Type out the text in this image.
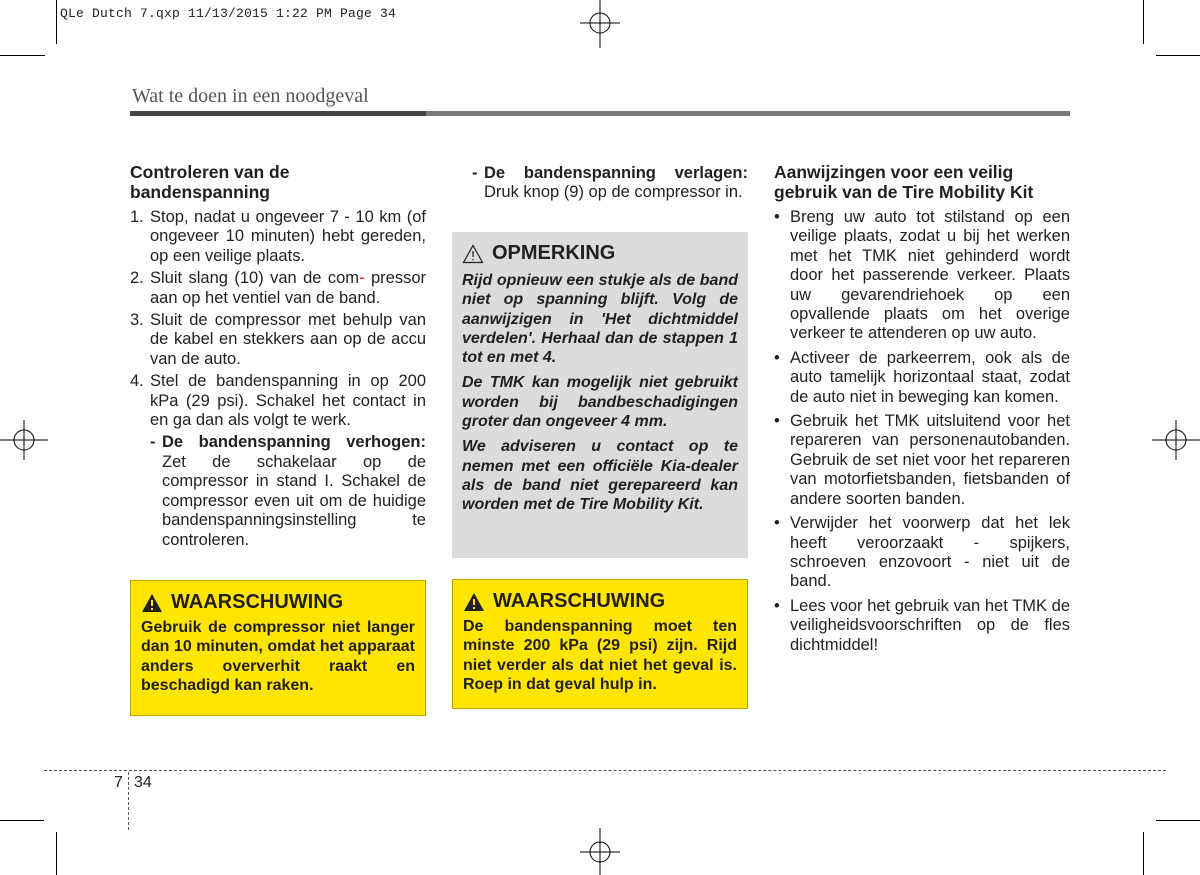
QLe Dutch 7.qxp 11/13/2015 1:22 PM Page 34
Wat te doen in een noodgeval
Controleren van de bandenspanning
1. Stop, nadat u ongeveer 7 - 10 km (of ongeveer 10 minuten) hebt gereden, op een veilige plaats.
2. Sluit slang (10) van de com- pressor aan op het ventiel van de band.
3. Sluit de compressor met behulp van de kabel en stekkers aan op de accu van de auto.
4. Stel de bandenspanning in op 200 kPa (29 psi). Schakel het contact in en ga dan als volgt te werk.
- De bandenspanning verhogen: Zet de schakelaar op de compressor in stand I. Schakel de compressor even uit om de huidige bandenspanningsinstelling te controleren.
WAARSCHUWING
Gebruik de compressor niet langer dan 10 minuten, omdat het apparaat anders oververhit raakt en beschadigd kan raken.
- De bandenspanning verlagen: Druk knop (9) op de compressor in.
OPMERKING

Rijd opnieuw een stukje als de band niet op spanning blijft. Volg de aanwijzigen in 'Het dichtmiddel verdelen'. Herhaal dan de stappen 1 tot en met 4.

De TMK kan mogelijk niet gebruikt worden bij bandbeschadigingen groter dan ongeveer 4 mm.

We adviseren u contact op te nemen met een officiële Kia-dealer als de band niet gerepareerd kan worden met de Tire Mobility Kit.

WAARSCHUWING
De bandenspanning moet ten minste 200 kPa (29 psi) zijn. Rijd niet verder als dat niet het geval is. Roep in dat geval hulp in.
Aanwijzingen voor een veilig gebruik van de Tire Mobility Kit
• Breng uw auto tot stilstand op een veilige plaats, zodat u bij het werken met het TMK niet gehinderd wordt door het passerende verkeer. Plaats uw gevarendriehoek op een opvallende plaats om het overige verkeer te attenderen op uw auto.
• Activeer de parkeerrem, ook als de auto tamelijk horizontaal staat, zodat de auto niet in beweging kan komen.
• Gebruik het TMK uitsluitend voor het repareren van personenautobanden. Gebruik de set niet voor het repareren van motorfietsbanden, fietsbanden of andere soorten banden.
• Verwijder het voorwerp dat het lek heeft veroorzaakt - spijkers, schroeven enzovoort - niet uit de band.
• Lees voor het gebruik van het TMK de veiligheidsvoorschriften op de fles dichtmiddel!
7 34
